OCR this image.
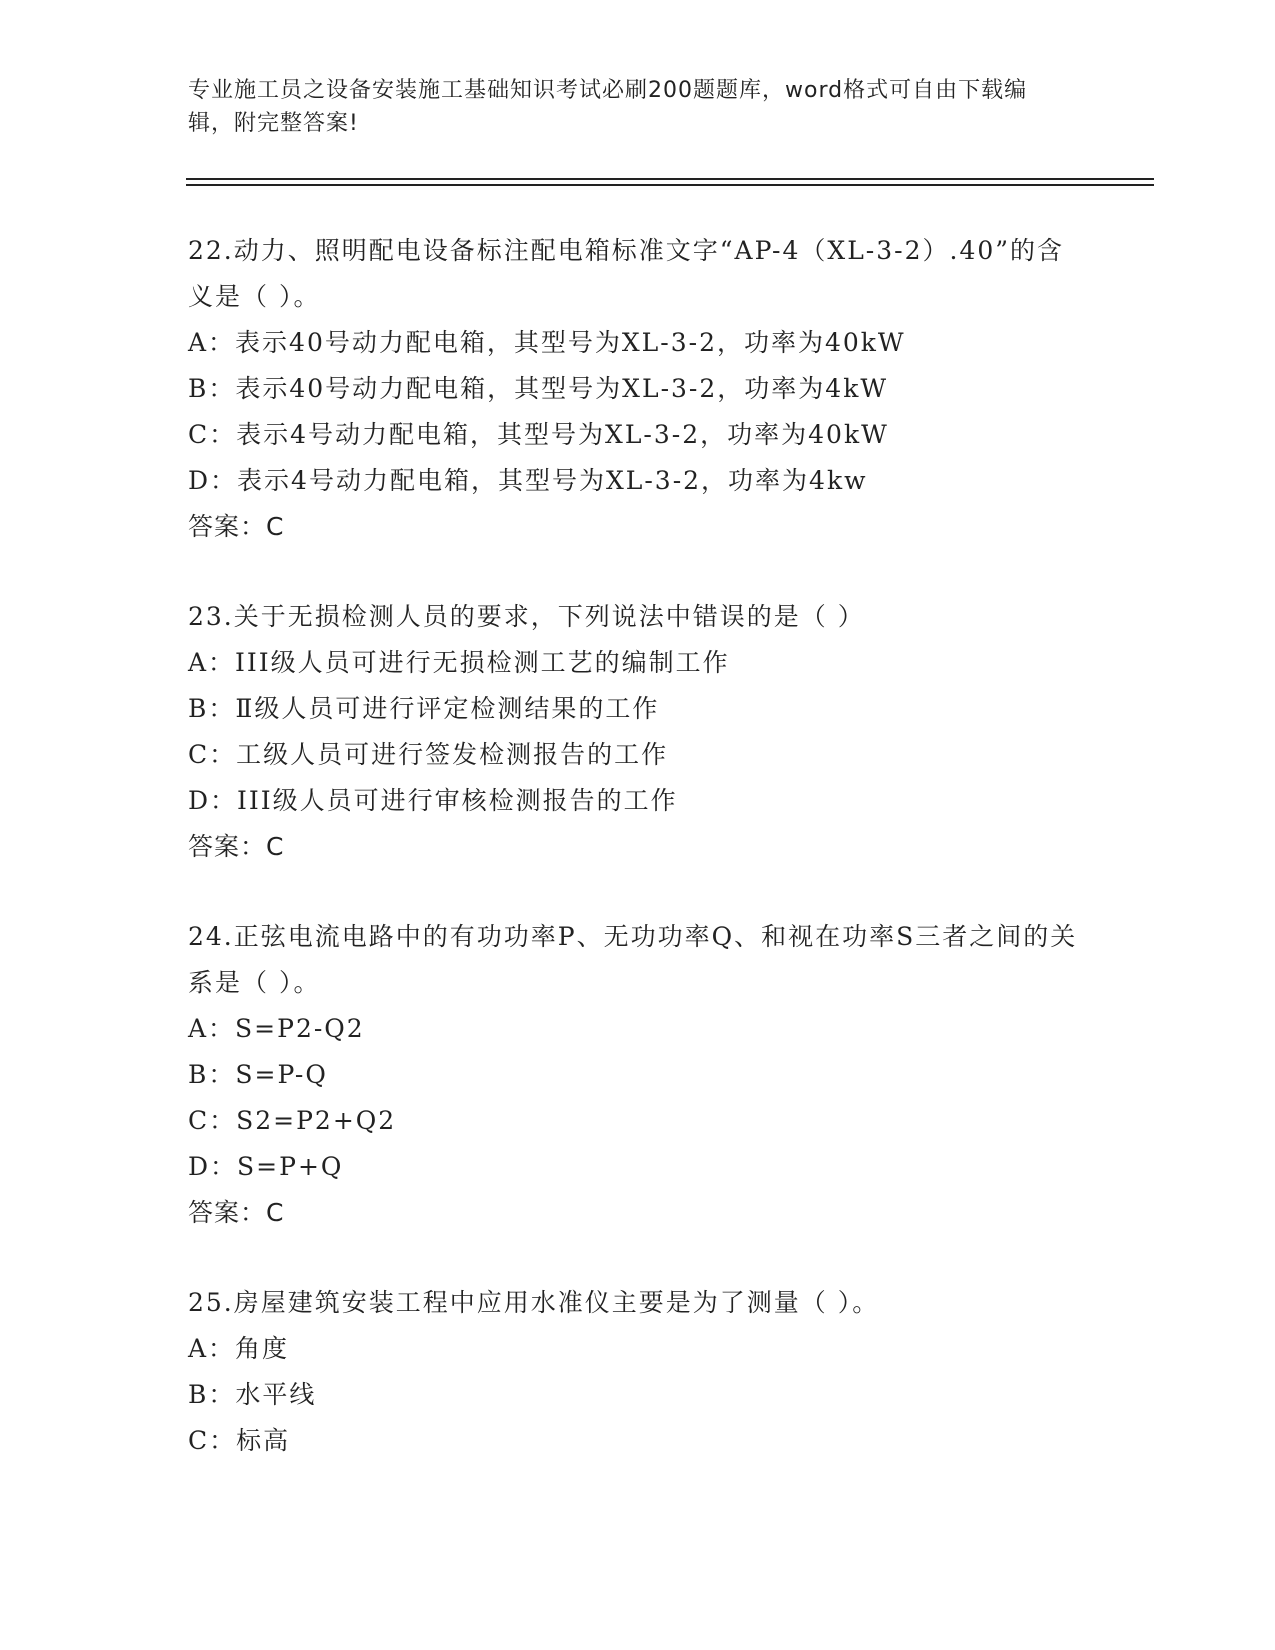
专业施工员之设备安装施工基础知识考试必刷200题题库，word格式可自由下载编辑，附完整答案!
22.动力、照明配电设备标注配电箱标准文字“AP-4（XL-3-2）.40”的含义是（ ）。
A：表示40号动力配电箱，其型号为XL-3-2，功率为40kW
B：表示40号动力配电箱，其型号为XL-3-2，功率为4kW
C：表示4号动力配电箱，其型号为XL-3-2，功率为40kW
D：表示4号动力配电箱，其型号为XL-3-2，功率为4kw
答案：C
23.关于无损检测人员的要求，下列说法中错误的是（ ）
A：III级人员可进行无损检测工艺的编制工作
B：Ⅱ级人员可进行评定检测结果的工作
C：工级人员可进行签发检测报告的工作
D：III级人员可进行审核检测报告的工作
答案：C
24.正弦电流电路中的有功功率P、无功功率Q、和视在功率S三者之间的关系是（ ）。
A：S=P2-Q2
B：S=P-Q
C：S2=P2+Q2
D：S=P+Q
答案：C
25.房屋建筑安装工程中应用水准仪主要是为了测量（ ）。
A：角度
B：水平线
C：标高
